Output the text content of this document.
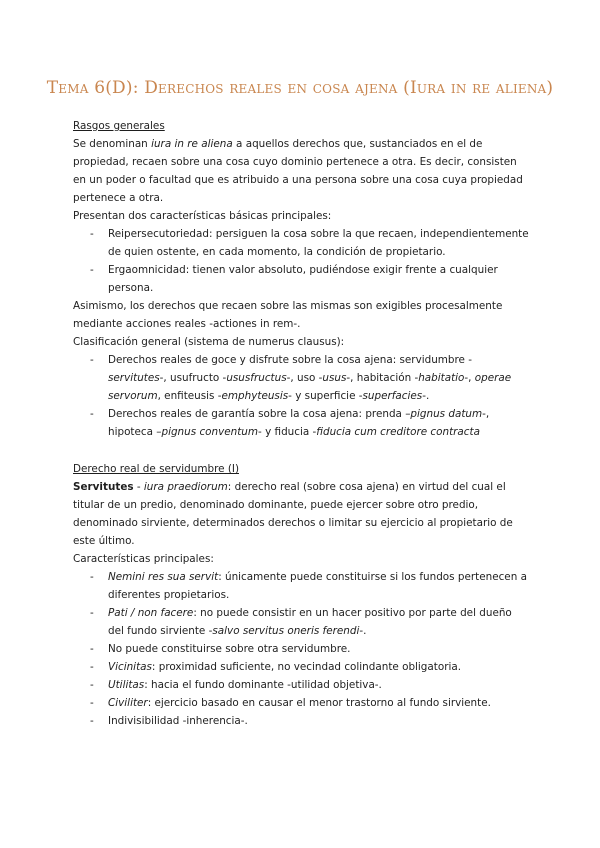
Tema 6(D): Derechos reales en cosa ajena (Iura in re aliena)

Rasgos generales

Se denominan iura in re aliena a aquellos derechos que, sustanciados en el de propiedad, recaen sobre una cosa cuyo dominio pertenece a otra. Es decir, consisten en un poder o facultad que es atribuido a una persona sobre una cosa cuya propiedad pertenece a otra.

Presentan dos características básicas principales:

- Reipersecutoriedad: persiguen la cosa sobre la que recaen, independientemente de quien ostente, en cada momento, la condición de propietario.
- Ergaomnicidad: tienen valor absoluto, pudiéndose exigir frente a cualquier persona.

Asimismo, los derechos que recaen sobre las mismas son exigibles procesalmente mediante acciones reales -actiones in rem-.

Clasificación general (sistema de numerus clausus):

- Derechos reales de goce y disfrute sobre la cosa ajena: servidumbre -servitutes-, usufructo -ususfructus-, uso -usus-, habitación -habitatio-, operae servorum, enfiteusis -emphyteusis- y superficie -superfacies-.
- Derechos reales de garantía sobre la cosa ajena: prenda –pignus datum-, hipoteca –pignus conventum- y fiducia -fiducia cum creditore contracta

Derecho real de servidumbre (I)

Servitutes - iura praediorum: derecho real (sobre cosa ajena) en virtud del cual el titular de un predio, denominado dominante, puede ejercer sobre otro predio, denominado sirviente, determinados derechos o limitar su ejercicio al propietario de este último.

Características principales:

- Nemini res sua servit: únicamente puede constituirse si los fundos pertenecen a diferentes propietarios.
- Pati / non facere: no puede consistir en un hacer positivo por parte del dueño del fundo sirviente -salvo servitus oneris ferendi-.
- No puede constituirse sobre otra servidumbre.
- Vicinitas: proximidad suficiente, no vecindad colindante obligatoria.
- Utilitas: hacia el fundo dominante -utilidad objetiva-.
- Civiliter: ejercicio basado en causar el menor trastorno al fundo sirviente.
- Indivisibilidad -inherencia-.
